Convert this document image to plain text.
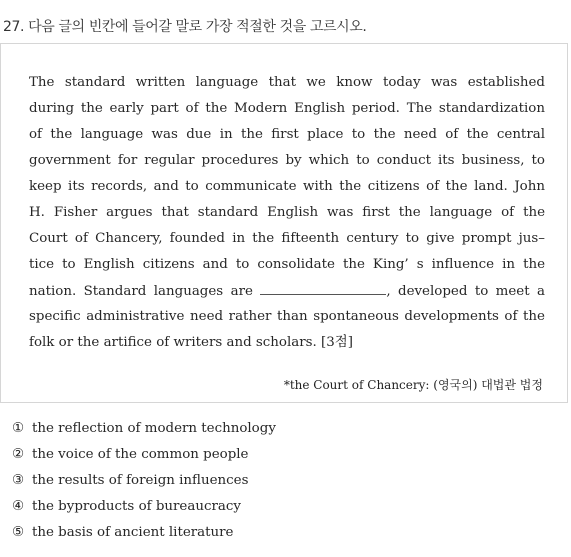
27. 다음 글의 빈칸에 들어갈 말로 가장 적절한 것을 고르시오.
The standard written language that we know today was established
during the early part of the Modern English period. The standardization
of the language was due in the first place to the need of the central
government for regular procedures by which to conduct its business, to
keep its records, and to communicate with the citizens of the land. John
H. Fisher argues that standard English was first the language of the
Court of Chancery, founded in the fifteenth century to give prompt jus–
tice to English citizens and to consolidate the King’ s influence in the
nation. Standard languages are	, developed to meet a
specific administrative need rather than spontaneous developments of the
folk or the artifice of writers and scholars. [3점]
*the Court of Chancery: (영국의) 대법관 법정
① the reflection of modern technology
② the voice of the common people
③ the results of foreign influences
④ the byproducts of bureaucracy
⑤ the basis of ancient literature
